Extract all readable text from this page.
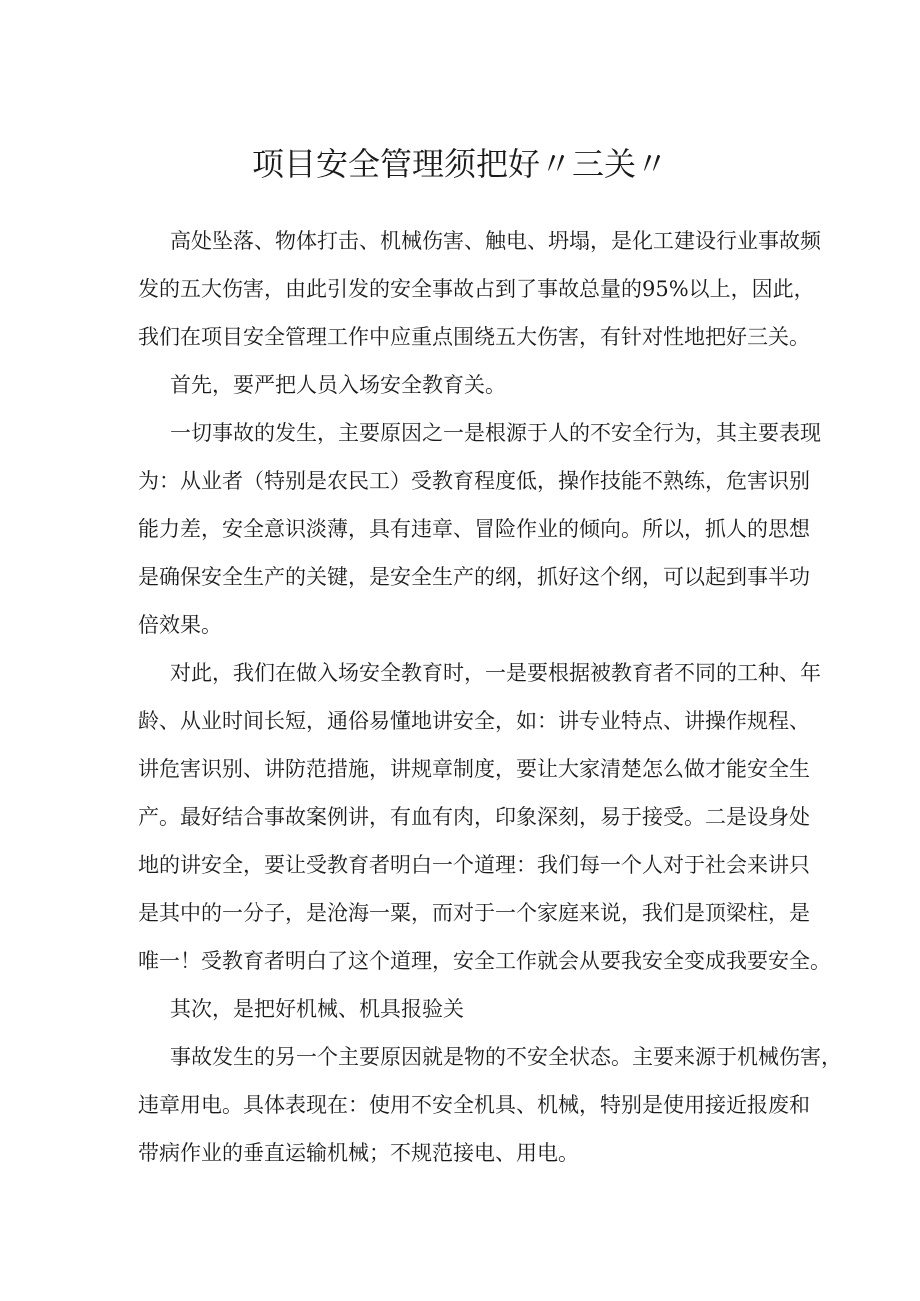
项目安全管理须把好〃三关〃

高处坠落、物体打击、机械伤害、触电、坍塌，是化工建设行业事故频

发的五大伤害，由此引发的安全事故占到了事故总量的95%以上，因此，

我们在项目安全管理工作中应重点围绕五大伤害，有针对性地把好三关。

首先，要严把人员入场安全教育关。

一切事故的发生，主要原因之一是根源于人的不安全行为，其主要表现

为：从业者（特别是农民工）受教育程度低，操作技能不熟练，危害识别

能力差，安全意识淡薄，具有违章、冒险作业的倾向。所以，抓人的思想

是确保安全生产的关键，是安全生产的纲，抓好这个纲，可以起到事半功

倍效果。

对此，我们在做入场安全教育时，一是要根据被教育者不同的工种、年

龄、从业时间长短，通俗易懂地讲安全，如：讲专业特点、讲操作规程、

讲危害识别、讲防范措施，讲规章制度，要让大家清楚怎么做才能安全生

产。最好结合事故案例讲，有血有肉，印象深刻，易于接受。二是设身处

地的讲安全，要让受教育者明白一个道理：我们每一个人对于社会来讲只

是其中的一分子，是沧海一粟，而对于一个家庭来说，我们是顶梁柱，是

唯一！受教育者明白了这个道理，安全工作就会从要我安全变成我要安全。

其次，是把好机械、机具报验关

事故发生的另一个主要原因就是物的不安全状态。主要来源于机械伤害，

违章用电。具体表现在：使用不安全机具、机械，特别是使用接近报废和

带病作业的垂直运输机械；不规范接电、用电。
